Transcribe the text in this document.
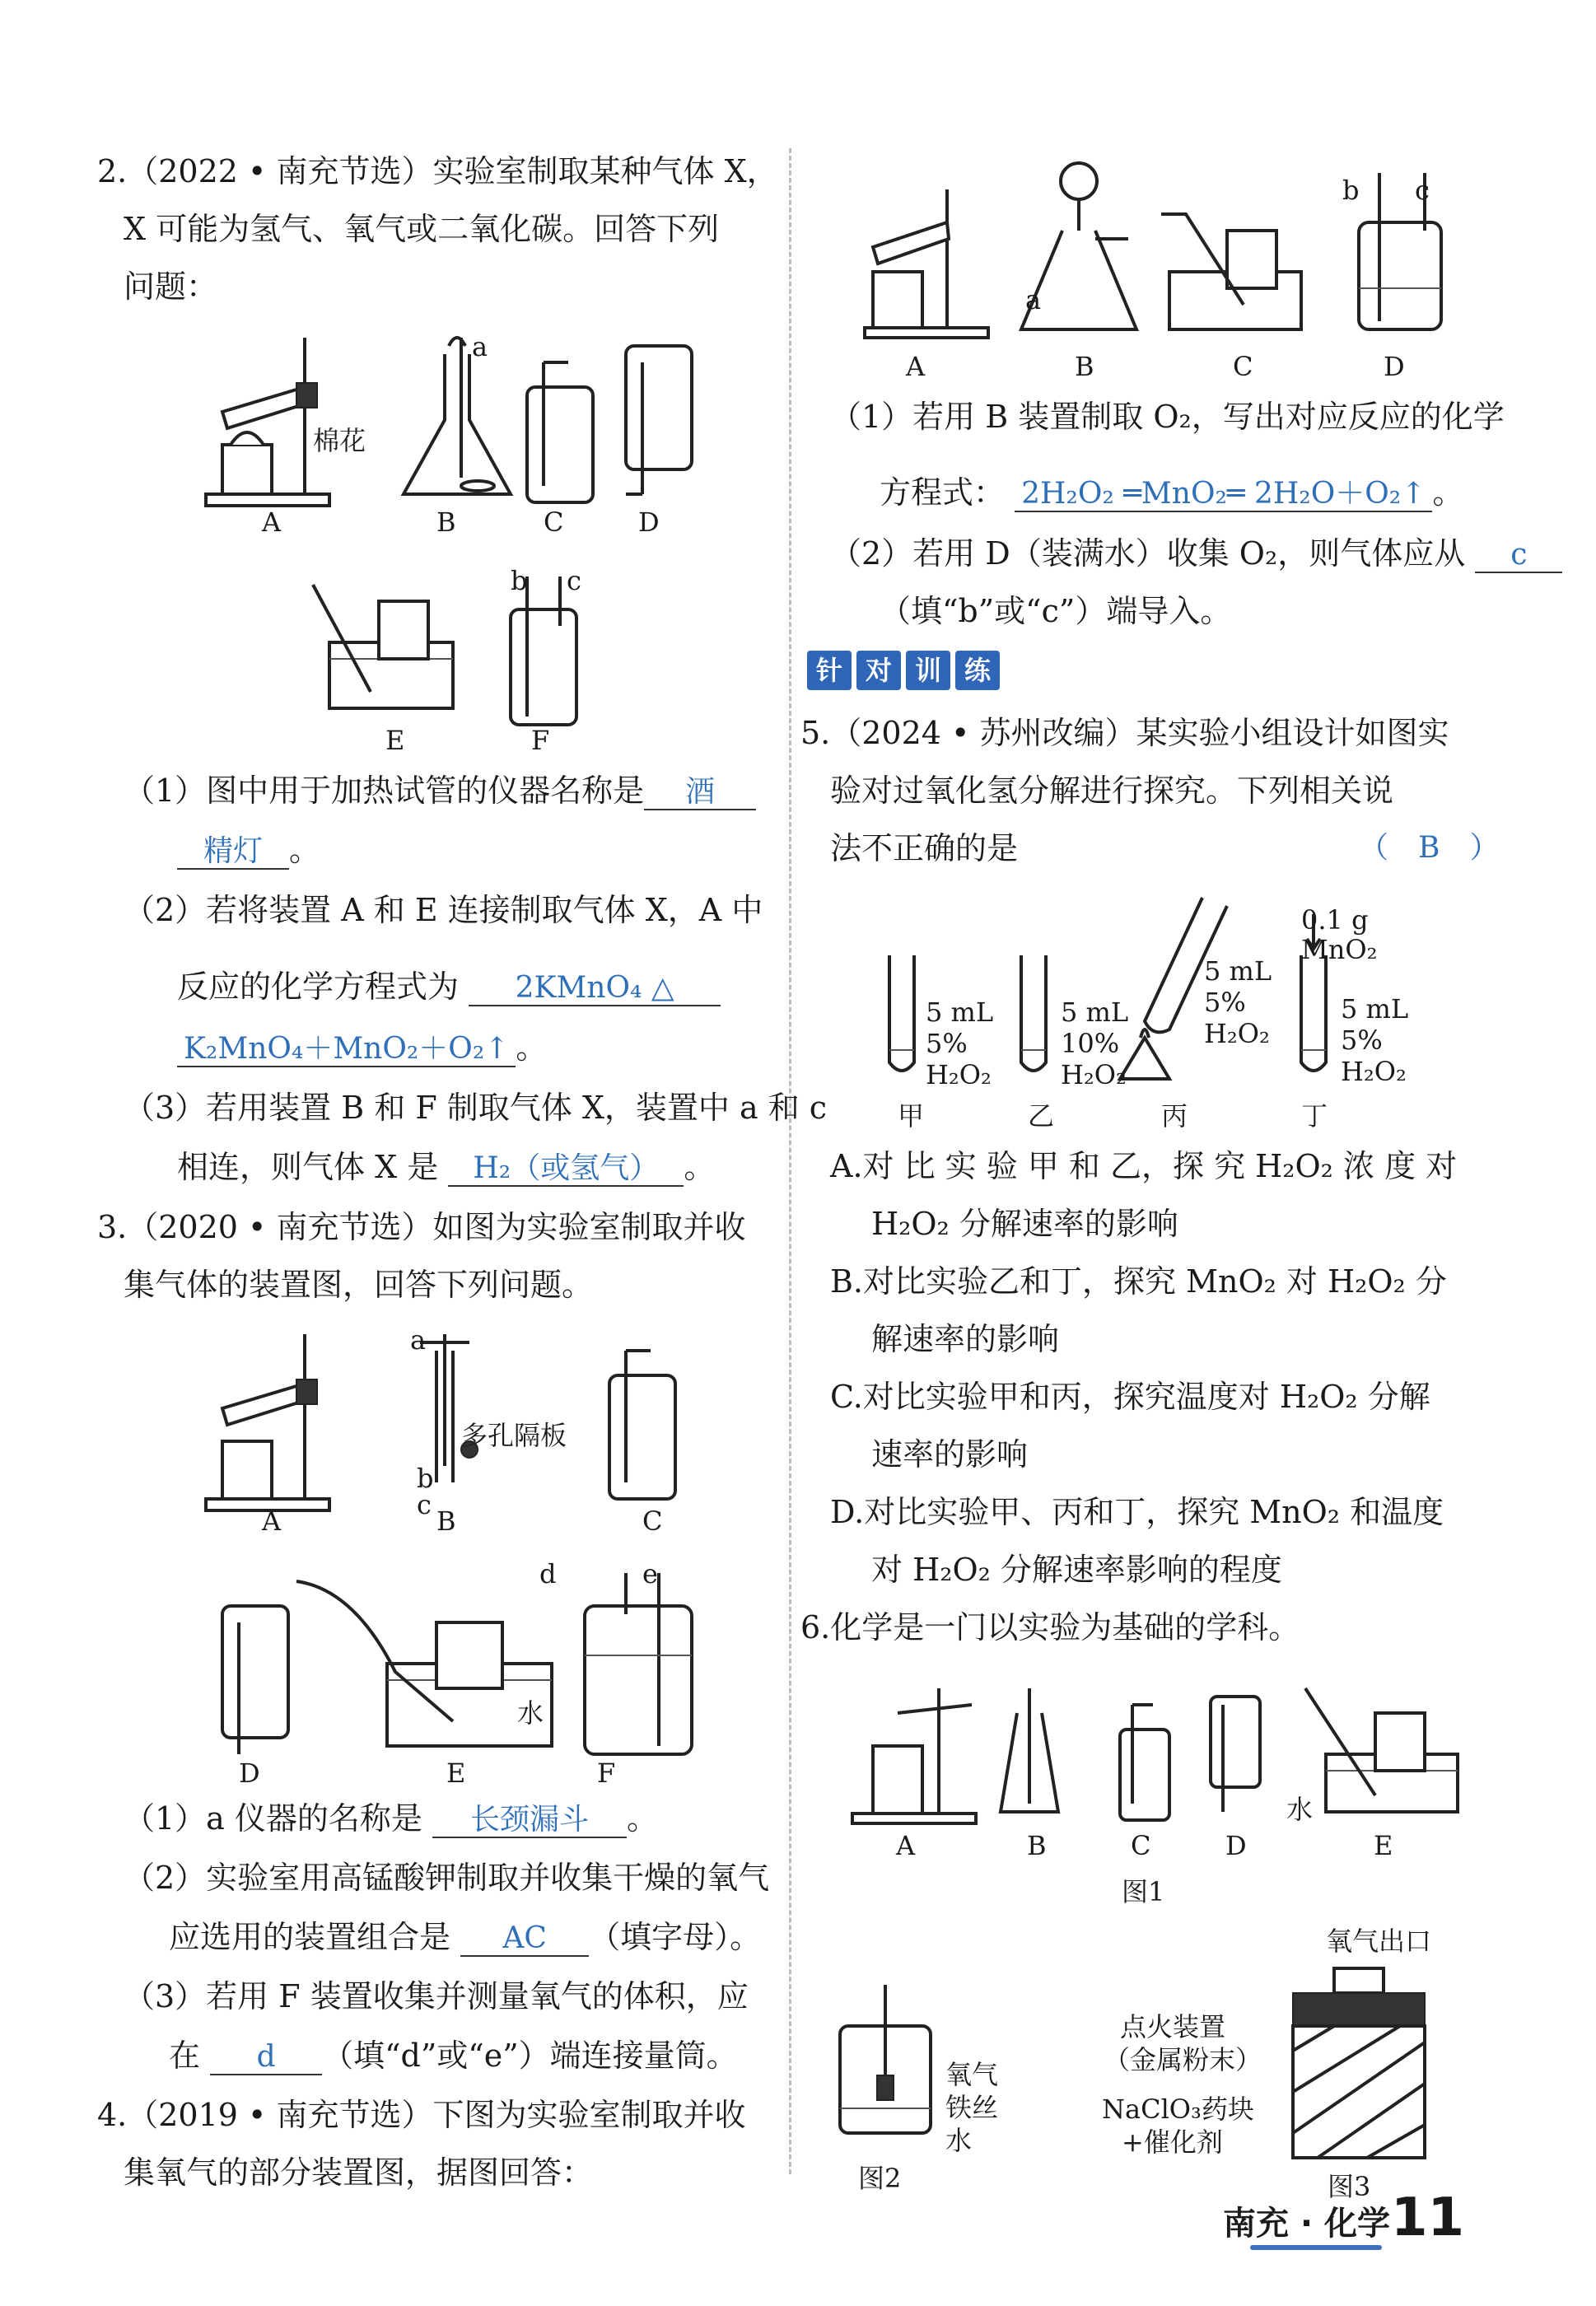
2.（2022 • 南充节选）实验室制取某种气体 X，
X 可能为氢气、氧气或二氧化碳。回答下列
问题：
a
棉花
A	B	C	D
b c
E	F
（1）图中用于加热试管的仪器名称是 酒
精灯 。
（2）若将装置 A 和 E 连接制取气体 X，A 中
反应的化学方程式为 2KMnO₄ △
K₂MnO₄＋MnO₂＋O₂↑ 。
（3）若用装置 B 和 F 制取气体 X，装置中 a 和 c
相连，则气体 X 是 H₂（或氢气） 。
3.（2020 • 南充节选）如图为实验室制取并收
集气体的装置图，回答下列问题。
a
多孔隔板
b
c
A	B	C
d	e
水
D	E	F
（1）a 仪器的名称是 长颈漏斗 。
（2）实验室用高锰酸钾制取并收集干燥的氧气
应选用的装置组合是 AC （填字母）。
（3）若用 F 装置收集并测量氧气的体积，应
在 d （填“d”或“e”）端连接量筒。
4.（2019 • 南充节选）下图为实验室制取并收
集氧气的部分装置图，据图回答：
a
b c
A	B	C	D
（1）若用 B 装置制取 O₂，写出对应反应的化学
方程式： 2H₂O₂ ═MnO₂═ 2H₂O＋O₂↑ 。
（2）若用 D（装满水）收集 O₂，则气体应从 c
（填“b”或“c”）端导入。
针 对 训 练
5.（2024 • 苏州改编）某实验小组设计如图实
验对过氧化氢分解进行探究。下列相关说
法不正确的是	（　B　）
0.1 g
MnO₂
5 mL
5%
H₂O₂
5 mL
10%
H₂O₂
5 mL
5%
H₂O₂
5 mL
5%
H₂O₂
甲	乙	丙	丁
A.对 比 实 验 甲 和 乙，探 究 H₂O₂ 浓 度 对
H₂O₂ 分解速率的影响
B.对比实验乙和丁，探究 MnO₂ 对 H₂O₂ 分
解速率的影响
C.对比实验甲和丙，探究温度对 H₂O₂ 分解
速率的影响
D.对比实验甲、丙和丁，探究 MnO₂ 和温度
对 H₂O₂ 分解速率影响的程度
6.化学是一门以实验为基础的学科。
水
A	B	C	D	E
图1
氧气
铁丝
水
图2
氧气出口
点火装置
（金属粉末）
NaClO₃药块
+催化剂
图3
南充 · 化学 11
